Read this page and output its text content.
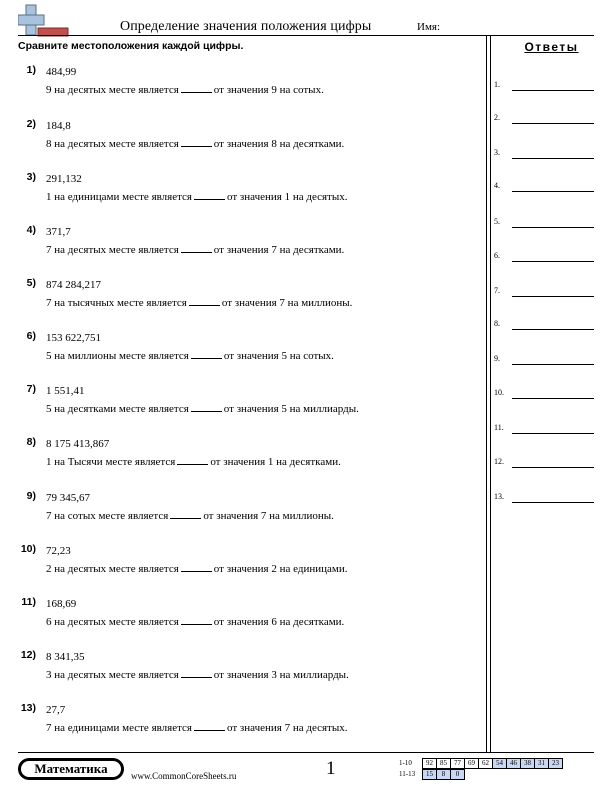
Определение значения положения цифры	Имя:
Сравните местоположения каждой цифры.
1) 484,99
9 на десятых месте является	от значения 9 на сотых.
2) 184,8
8 на десятых месте является	от значения 8 на десятками.
3) 291,132
1 на единицами месте является	от значения 1 на десятых.
4) 371,7
7 на десятых месте является	от значения 7 на десятками.
5) 874 284,217
7 на тысячных месте является	от значения 7 на миллионы.
6) 153 622,751
5 на миллионы месте является	от значения 5 на сотых.
7) 1 551,41
5 на десятками месте является	от значения 5 на миллиарды.
8) 8 175 413,867
1 на Тысячи месте является	от значения 1 на десятками.
9) 79 345,67
7 на сотых месте является	от значения 7 на миллионы.
10) 72,23
2 на десятых месте является	от значения 2 на единицами.
11) 168,69
6 на десятых месте является	от значения 6 на десятками.
12) 8 341,35
3 на десятых месте является	от значения 3 на миллиарды.
13) 27,7
7 на единицами месте является	от значения 7 на десятых.
Ответы
1.
2.
3.
4.
5.
6.
7.
8.
9.
10.
11.
12.
13.
Математика	www.CommonCoreSheets.ru	1	1-10 92	85	77	69	62	54	46	38	31	23
11-13 15	8	0
